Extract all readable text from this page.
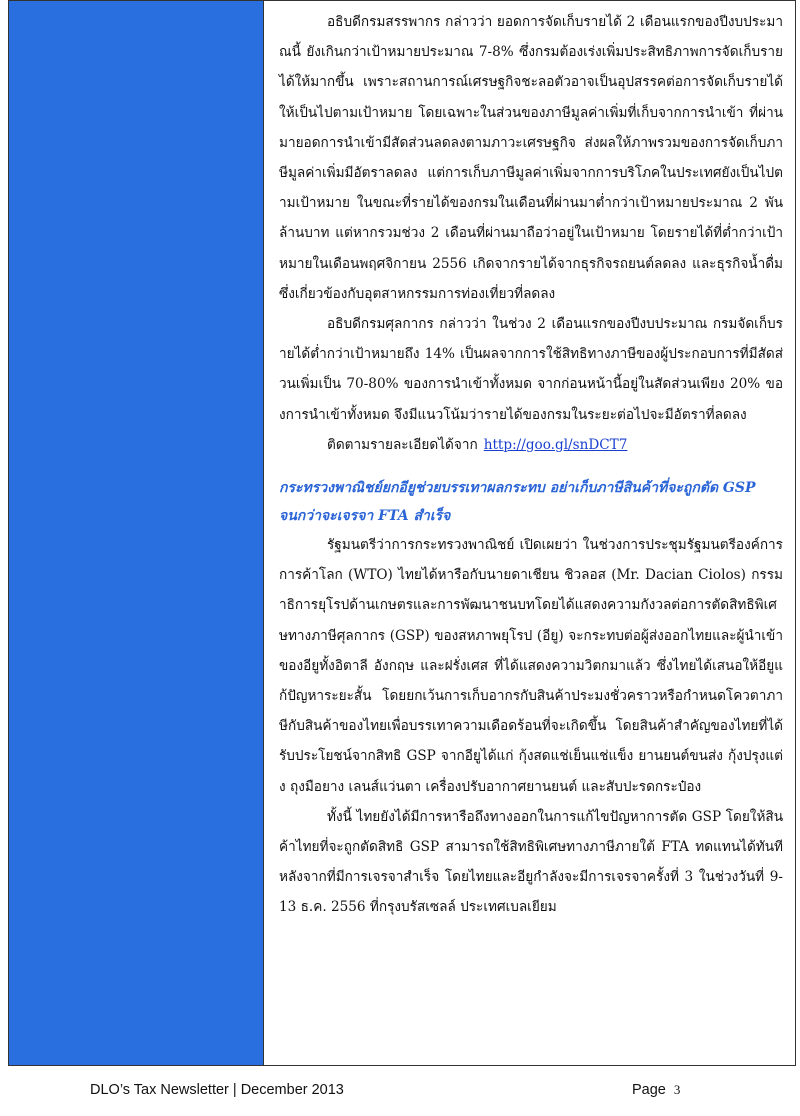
อธิบดีกรมสรรพากร กล่าวว่า ยอดการจัดเก็บรายได้ 2 เดือนแรกของปีงบประมาณนี้ ยังเกินกว่าเป้าหมายประมาณ 7-8% ซึ่งกรมต้องเร่งเพิ่มประสิทธิภาพการจัดเก็บรายได้ให้มากขึ้น เพราะสถานการณ์เศรษฐกิจชะลอตัวอาจเป็นอุปสรรคต่อการจัดเก็บรายได้ให้เป็นไปตามเป้าหมาย โดยเฉพาะในส่วนของภาษีมูลค่าเพิ่มที่เก็บจากการนำเข้า ที่ผ่านมายอดการนำเข้ามีสัดส่วนลดลงตามภาวะเศรษฐกิจ ส่งผลให้ภาพรวมของการจัดเก็บภาษีมูลค่าเพิ่มมีอัตราลดลง แต่การเก็บภาษีมูลค่าเพิ่มจากการบริโภคในประเทศยังเป็นไปตามเป้าหมาย ในขณะที่รายได้ของกรมในเดือนที่ผ่านมาต่ำกว่าเป้าหมายประมาณ 2 พันล้านบาท แต่หากรวมช่วง 2 เดือนที่ผ่านมาถือว่าอยู่ในเป้าหมาย โดยรายได้ที่ต่ำกว่าเป้าหมายในเดือนพฤศจิกายน 2556 เกิดจากรายได้จากธุรกิจรถยนต์ลดลง และธุรกิจน้ำดื่ม ซึ่งเกี่ยวข้องกับอุตสาหกรรมการท่องเที่ยวที่ลดลง

อธิบดีกรมศุลกากร กล่าวว่า ในช่วง 2 เดือนแรกของปีงบประมาณ กรมจัดเก็บรายได้ต่ำกว่าเป้าหมายถึง 14% เป็นผลจากการใช้สิทธิทางภาษีของผู้ประกอบการที่มีสัดส่วนเพิ่มเป็น 70-80% ของการนำเข้าทั้งหมด จากก่อนหน้านี้อยู่ในสัดส่วนเพียง 20% ของการนำเข้าทั้งหมด จึงมีแนวโน้มว่ารายได้ของกรมในระยะต่อไปจะมีอัตราที่ลดลง

ติดตามรายละเอียดได้จาก http://goo.gl/snDCT7

กระทรวงพาณิชย์ยกอียูช่วยบรรเทาผลกระทบ อย่าเก็บภาษีสินค้าที่จะถูกตัด GSP จนกว่าจะเจรจา FTA สำเร็จ

รัฐมนตรีว่าการกระทรวงพาณิชย์ เปิดเผยว่า ในช่วงการประชุมรัฐมนตรีองค์การการค้าโลก (WTO) ไทยได้หารือกับนายดาเชียน ชิวลอส (Mr. Dacian Ciolos) กรรมาธิการยุโรปด้านเกษตรและการพัฒนาชนบทโดยได้แสดงความกังวลต่อการตัดสิทธิพิเศษทางภาษีศุลกากร (GSP) ของสหภาพยุโรป (อียู) จะกระทบต่อผู้ส่งออกไทยและผู้นำเข้าของอียูทั้งอิตาลี อังกฤษ และฝรั่งเศส ที่ได้แสดงความวิตกมาแล้ว ซึ่งไทยได้เสนอให้อียูแก้ปัญหาระยะสั้น โดยยกเว้นการเก็บอากรกับสินค้าประมงชั่วคราวหรือกำหนดโควตาภาษีกับสินค้าของไทยเพื่อบรรเทาความเดือดร้อนที่จะเกิดขึ้น โดยสินค้าสำคัญของไทยที่ได้รับประโยชน์จากสิทธิ GSP จากอียูได้แก่ กุ้งสดแช่เย็นแช่แข็ง ยานยนต์ขนส่ง กุ้งปรุงแต่ง ถุงมือยาง เลนส์แว่นตา เครื่องปรับอากาศยานยนต์ และสับปะรดกระป๋อง

ทั้งนี้ ไทยยังได้มีการหารือถึงทางออกในการแก้ไขปัญหาการตัด GSP โดยให้สินค้าไทยที่จะถูกตัดสิทธิ GSP สามารถใช้สิทธิพิเศษทางภาษีภายใต้ FTA ทดแทนได้ทันทีหลังจากที่มีการเจรจาสำเร็จ โดยไทยและอียูกำลังจะมีการเจรจาครั้งที่ 3 ในช่วงวันที่ 9-13 ธ.ค. 2556 ที่กรุงบรัสเซลล์ ประเทศเบลเยียม

DLO’s Tax Newsletter | December 2013	Page 3
